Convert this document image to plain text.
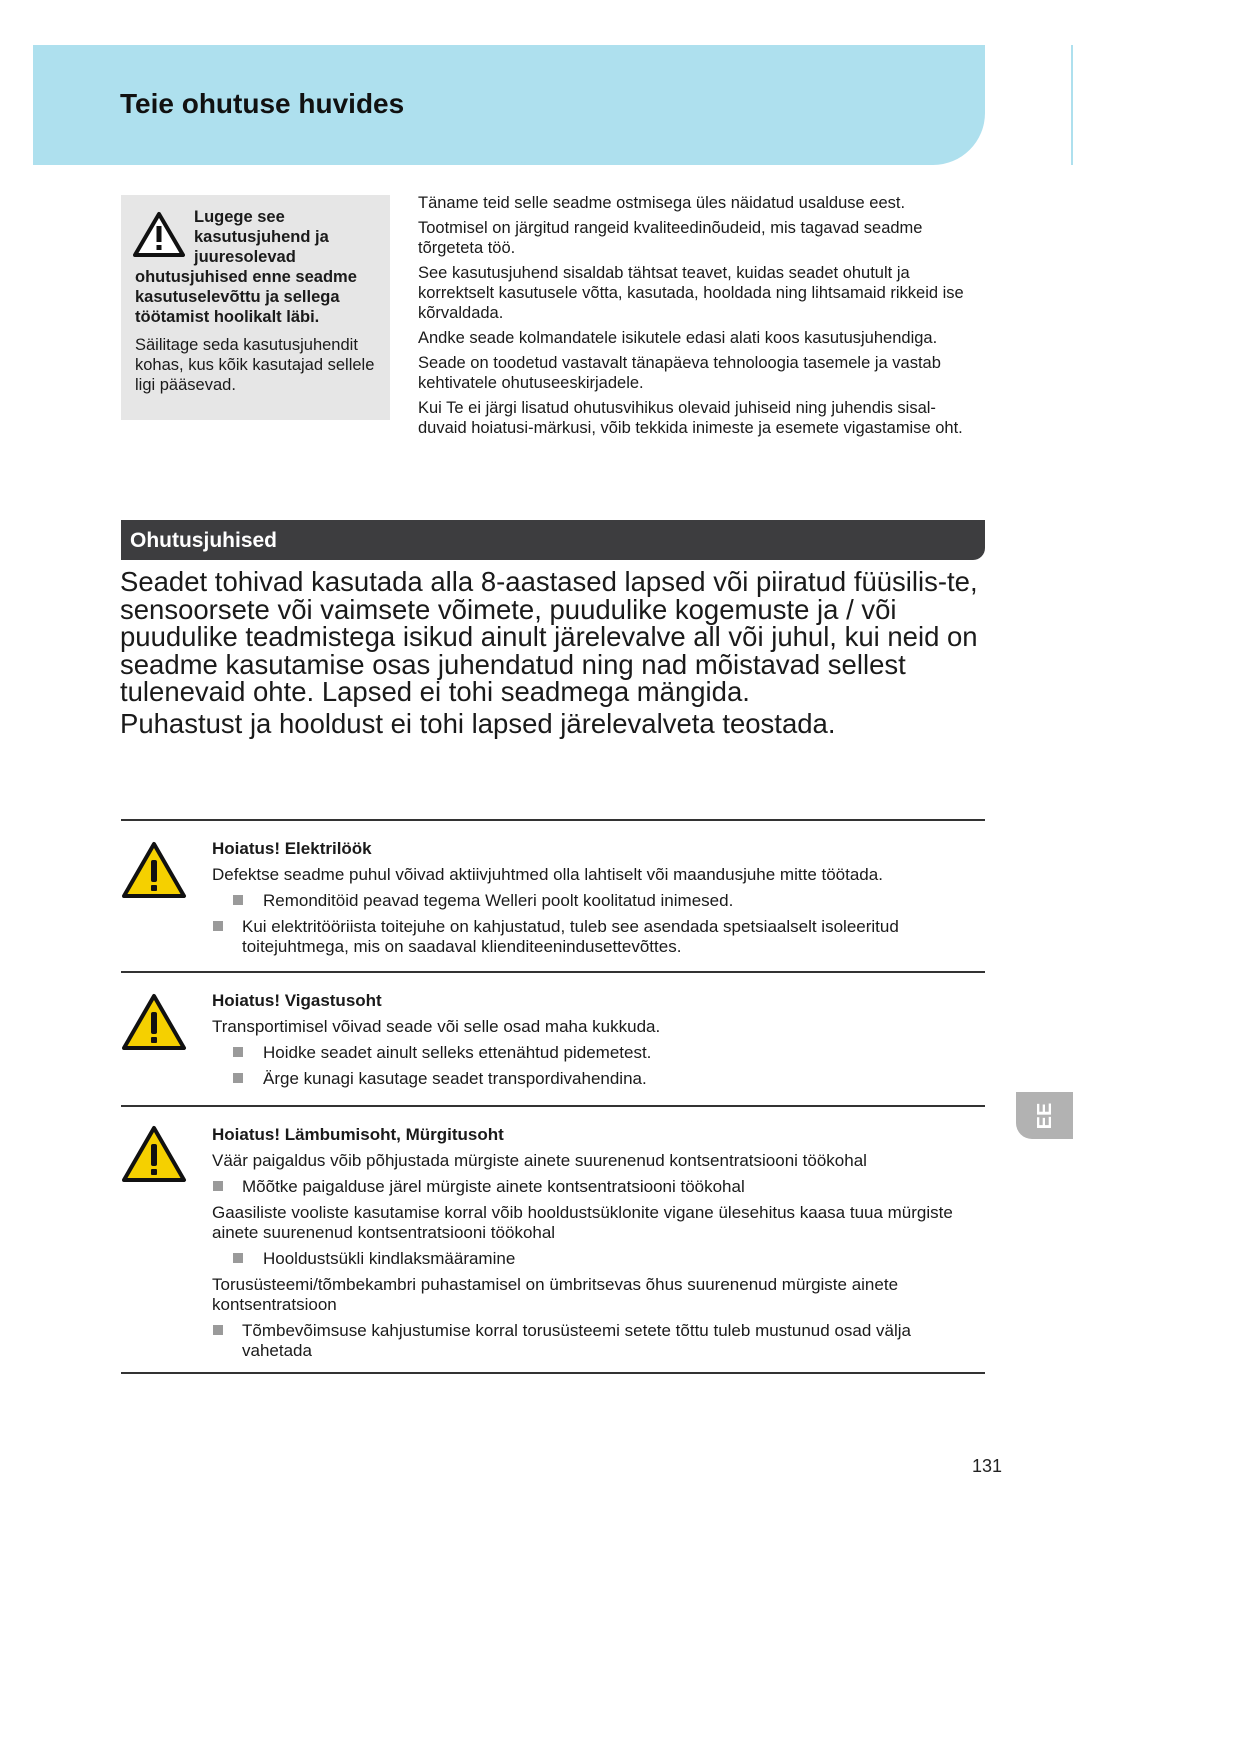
Teie ohutuse huvides

Lugege see
kasutusjuhend ja
juuresolevad
ohutusjuhised enne seadme
kasutuselevõttu ja sellega
töötamist hoolikalt läbi.

Säilitage seda kasutusjuhendit kohas, kus kõik kasutajad sellele ligi pääsevad.

Täname teid selle seadme ostmisega üles näidatud usalduse eest.

Tootmisel on järgitud rangeid kvaliteedinõudeid, mis tagavad seadme tõrgeteta töö.

See kasutusjuhend sisaldab tähtsat teavet, kuidas seadet ohutult ja korrektselt kasutusele võtta, kasutada, hooldada ning lihtsamaid rikkeid ise kõrvaldada.

Andke seade kolmandatele isikutele edasi alati koos kasutusjuhendiga.

Seade on toodetud vastavalt tänapäeva tehnoloogia tasemele ja vastab kehtivatele ohutuseeskirjadele.

Kui Te ei järgi lisatud ohutusvihikus olevaid juhiseid ning juhendis sisal-duvaid hoiatusi-märkusi, võib tekkida inimeste ja esemete vigastamise oht.

Ohutusjuhised

Seadet tohivad kasutada alla 8-aastased lapsed või piiratud füüsilis-te, sensoorsete või vaimsete võimete, puudulike kogemuste ja / või puudulike teadmistega isikud ainult järelevalve all või juhul, kui neid on seadme kasutamise osas juhendatud ning nad mõistavad sellest tulenevaid ohte. Lapsed ei tohi seadmega mängida.

Puhastust ja hooldust ei tohi lapsed järelevalveta teostada.

Hoiatus! Elektrilöök

Defektse seadme puhul võivad aktiivjuhtmed olla lahtiselt või maandusjuhe mitte töötada.

Remonditöid peavad tegema Welleri poolt koolitatud inimesed.
Kui elektritööriista toitejuhe on kahjustatud, tuleb see asendada spetsiaalselt isoleeritud toitejuhtmega, mis on saadaval klienditeenindusettevõttes.

Hoiatus! Vigastusoht

Transportimisel võivad seade või selle osad maha kukkuda.

Hoidke seadet ainult selleks ettenähtud pidemetest.
Ärge kunagi kasutage seadet transpordivahendina.

Hoiatus! Lämbumisoht, Mürgitusoht

Väär paigaldus võib põhjustada mürgiste ainete suurenenud kontsentratsiooni töökohal

Mõõtke paigalduse järel mürgiste ainete kontsentratsiooni töökohal

Gaasiliste vooliste kasutamise korral võib hooldustsüklonite vigane ülesehitus kaasa tuua mürgiste ainete suurenenud kontsentratsiooni töökohal

Hooldustsükli kindlaksmääramine

Torusüsteemi/tõmbekambri puhastamisel on ümbritsevas õhus suurenenud mürgiste ainete kontsentratsioon

Tõmbevõimsuse kahjustumise korral torusüsteemi setete tõttu tuleb mustunud osad välja vahetada
EE
131
